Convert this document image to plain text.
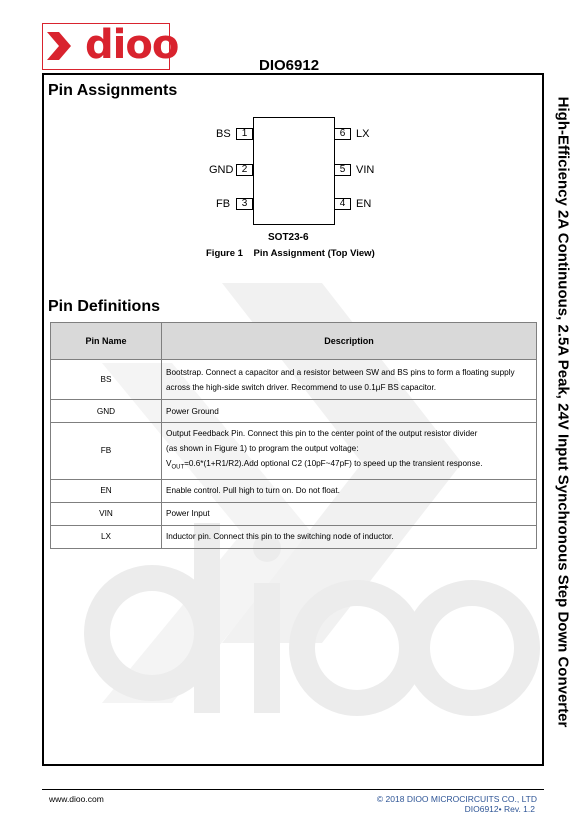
dioo	DIO6912
Pin Assignments
1
2
3
BS
GND
FB
6
5
4
LX
VIN
EN
SOT23-6
Figure 1    Pin Assignment (Top View)
Pin Definitions
Pin Name	Description
BS	Bootstrap. Connect a capacitor and a resistor between SW and BS pins to form a floating supply
across the high-side switch driver. Recommend to use 0.1μF BS capacitor.

GND	Power Ground

FB	Output Feedback Pin. Connect this pin to the center point of the output resistor divider
(as shown in Figure 1) to program the output voltage:
$V_{OUT}=0.6*(1+R1/R2).Add$ optional C2 (10pF~47pF) to speed up the transient response.

EN	Enable control. Pull high to turn on. Do not float.

VIN	Power Input

LX	Inductor pin. Connect this pin to the switching node of inductor.	High-Efficiency 2A Continuous, 2.5A Peak, 24V Input Synchronous Step Down Converter
www.dioo.com	© 2018 DIOO MICROCIRCUITS CO., LTD
DIO6912• Rev. 1.2
